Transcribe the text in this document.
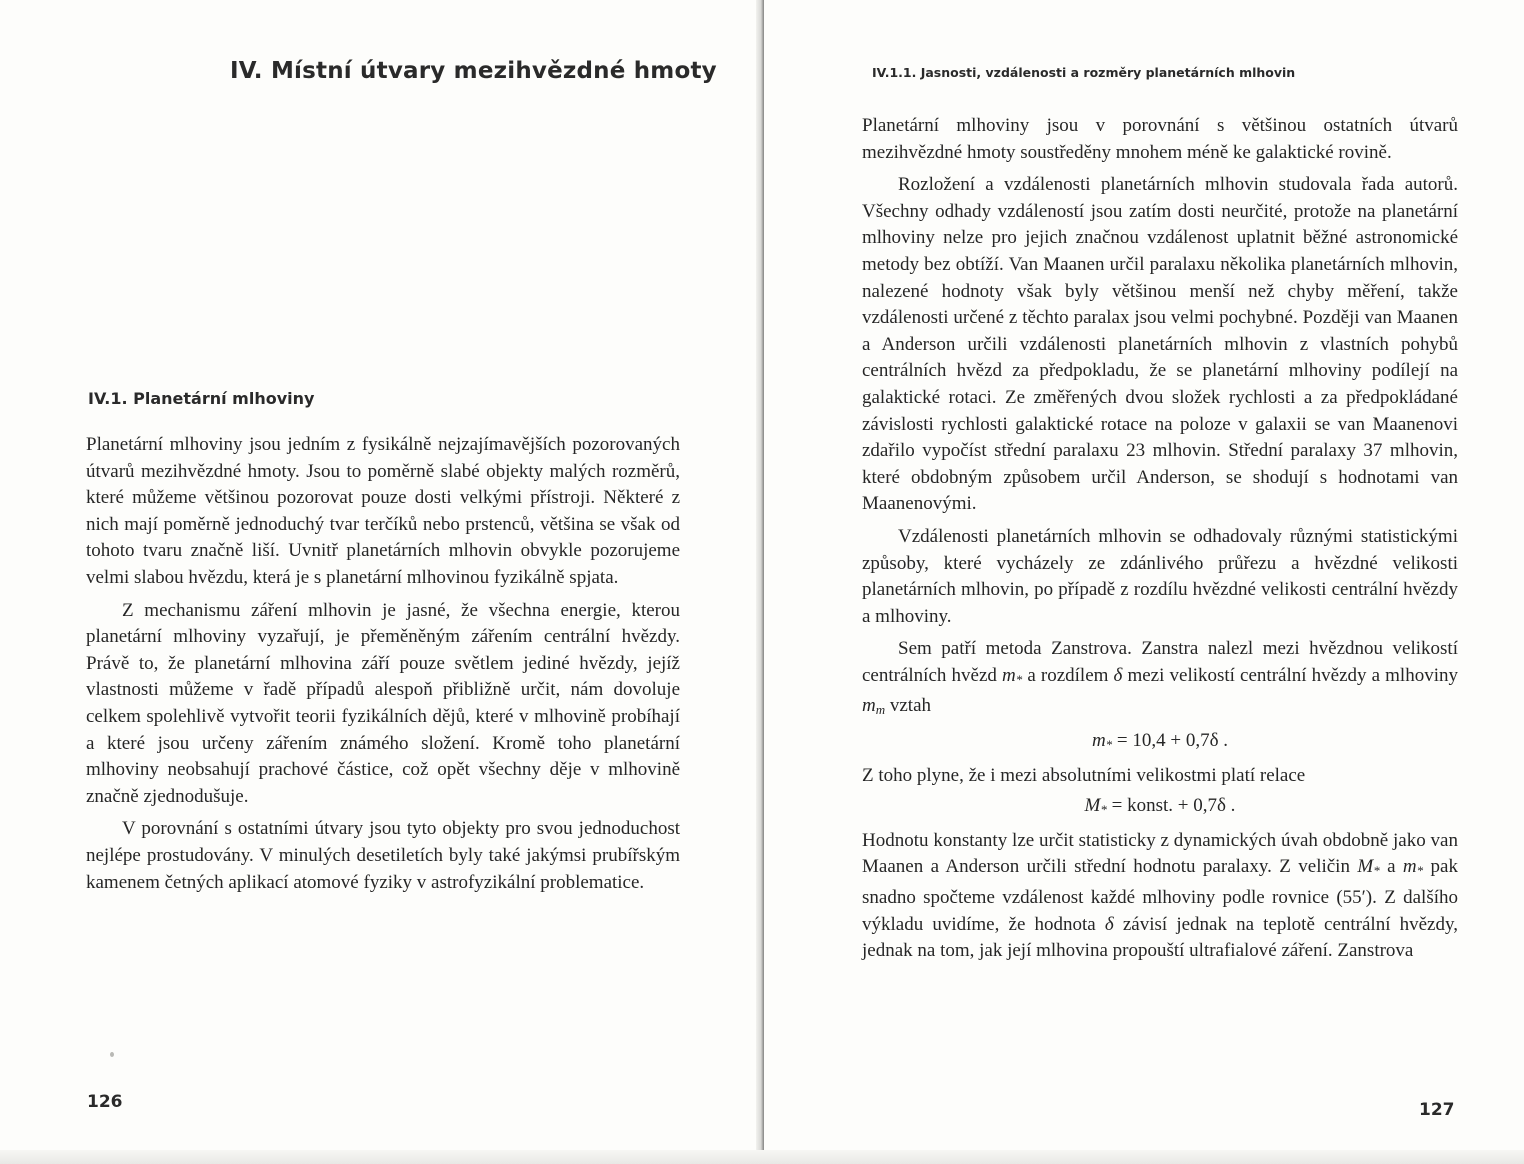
IV. Místní útvary mezihvězdné hmoty
IV.1. Planetární mlhoviny

Planetární mlhoviny jsou jedním z fysikálně nejzajímavějších pozorovaných útvarů mezihvězdné hmoty. Jsou to poměrně slabé objekty malých rozměrů, které můžeme většinou pozorovat pouze dosti velkými přístroji. Některé z nich mají poměrně jednoduchý tvar terčíků nebo prstenců, většina se však od tohoto tvaru značně liší. Uvnitř planetárních mlhovin obvykle pozorujeme velmi slabou hvězdu, která je s planetární mlhovinou fyzikálně spjata.

Z mechanismu záření mlhovin je jasné, že všechna energie, kterou planetární mlhoviny vyzařují, je přeměněným zářením centrální hvězdy. Právě to, že planetární mlhovina září pouze světlem jediné hvězdy, jejíž vlastnosti můžeme v řadě případů alespoň přibližně určit, nám dovoluje celkem spolehlivě vytvořit teorii fyzikálních dějů, které v mlhovině probíhají a které jsou určeny zářením známého složení. Kromě toho planetární mlhoviny neobsahují prachové částice, což opět všechny děje v mlhovině značně zjednodušuje.

V porovnání s ostatními útvary jsou tyto objekty pro svou jednoduchost nejlépe prostudovány. V minulých desetiletích byly také jakýmsi prubířským kamenem četných aplikací atomové fyziky v astrofyzikální problematice.

126
IV.1.1. Jasnosti, vzdálenosti a rozměry planetárních mlhovin

Planetární mlhoviny jsou v porovnání s většinou ostatních útvarů mezihvězdné hmoty soustředěny mnohem méně ke galaktické rovině.

Rozložení a vzdálenosti planetárních mlhovin studovala řada autorů. Všechny odhady vzdáleností jsou zatím dosti neurčité, protože na planetární mlhoviny nelze pro jejich značnou vzdálenost uplatnit běžné astronomické metody bez obtíží. Van Maanen určil paralaxu několika planetárních mlhovin, nalezené hodnoty však byly většinou menší než chyby měření, takže vzdálenosti určené z těchto paralax jsou velmi pochybné. Později van Maanen a Anderson určili vzdálenosti planetárních mlhovin z vlastních pohybů centrálních hvězd za předpokladu, že se planetární mlhoviny podílejí na galaktické rotaci. Ze změřených dvou složek rychlosti a za předpokládané závislosti rychlosti galaktické rotace na poloze v galaxii se van Maanenovi zdařilo vypočíst střední paralaxu 23 mlhovin. Střední paralaxy 37 mlhovin, které obdobným způsobem určil Anderson, se shodují s hodnotami van Maanenovými.

Vzdálenosti planetárních mlhovin se odhadovaly různými statistickými způsoby, které vycházely ze zdánlivého průřezu a hvězdné velikosti planetárních mlhovin, po případě z rozdílu hvězdné velikosti centrální hvězdy a mlhoviny.

Sem patří metoda Zanstrova. Zanstra nalezl mezi hvězdnou velikostí centrálních hvězd $m_*$ a rozdílem δ mezi velikostí centrální hvězdy a mlhoviny $m_m$ vztah

$m_* = 10,4 + 0,7\delta$ .

Z toho plyne, že i mezi absolutními velikostmi platí relace

$M_*$ = konst. + 0,7δ .

Hodnotu konstanty lze určit statisticky z dynamických úvah obdobně jako van Maanen a Anderson určili střední hodnotu paralaxy. Z veličin $M_*$ a $m_*$ pak snadno spočteme vzdálenost každé mlhoviny podle rovnice (55′). Z dalšího výkladu uvidíme, že hodnota δ závisí jednak na teplotě centrální hvězdy, jednak na tom, jak její mlhovina propouští ultrafialové záření. Zanstrova

127
